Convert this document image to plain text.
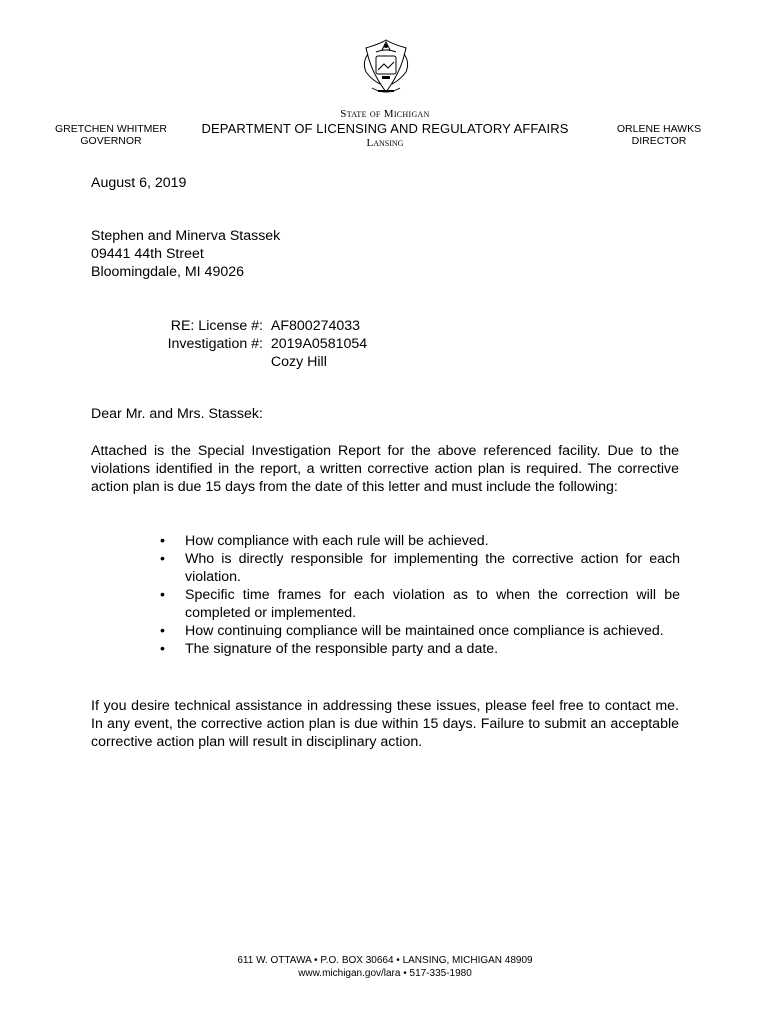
GRETCHEN WHITMER
GOVERNOR
State of Michigan
DEPARTMENT OF LICENSING AND REGULATORY AFFAIRS
Lansing
ORLENE HAWKS
DIRECTOR
August 6, 2019
Stephen and Minerva Stassek
09441 44th Street
Bloomingdale, MI 49026
RE: License #: AF800274033
Investigation #: 2019A0581054
Cozy Hill
Dear Mr. and Mrs. Stassek:
Attached is the Special Investigation Report for the above referenced facility. Due to the violations identified in the report, a written corrective action plan is required. The corrective action plan is due 15 days from the date of this letter and must include the following:
• How compliance with each rule will be achieved.
• Who is directly responsible for implementing the corrective action for each violation.
• Specific time frames for each violation as to when the correction will be completed or implemented.
• How continuing compliance will be maintained once compliance is achieved.
• The signature of the responsible party and a date.
If you desire technical assistance in addressing these issues, please feel free to contact me. In any event, the corrective action plan is due within 15 days. Failure to submit an acceptable corrective action plan will result in disciplinary action.
611 W. OTTAWA • P.O. BOX 30664 • LANSING, MICHIGAN 48909
www.michigan.gov/lara • 517-335-1980
